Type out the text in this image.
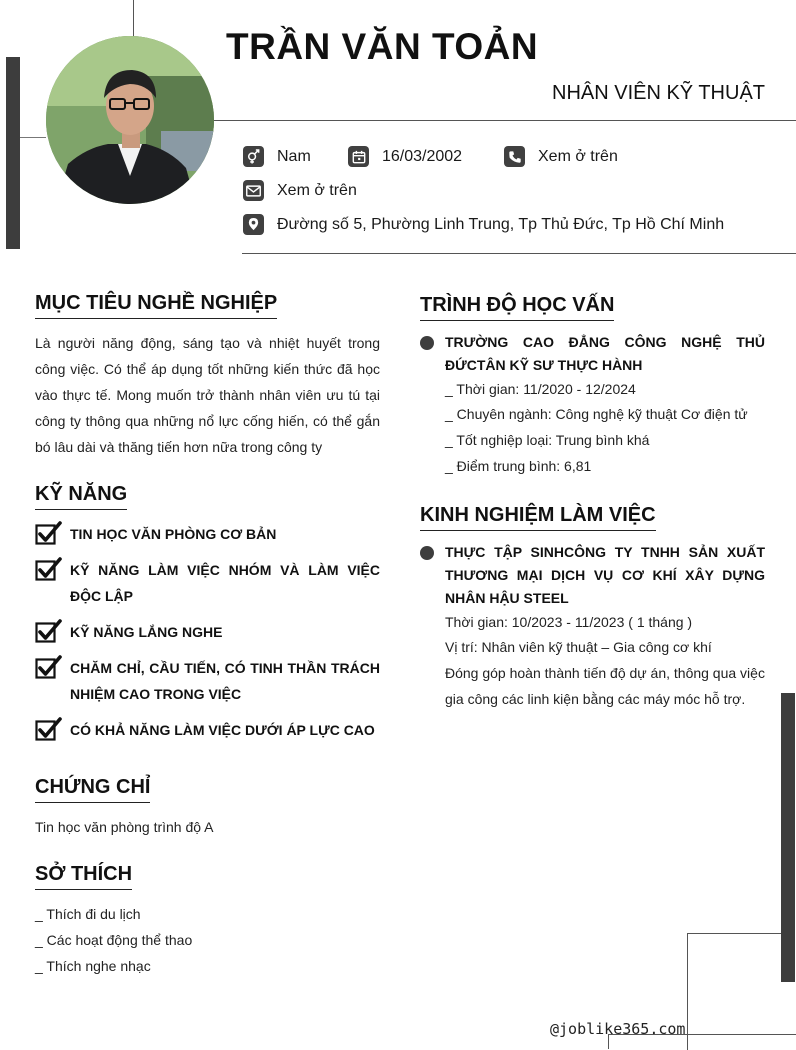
TRẦN VĂN TOẢN
NHÂN VIÊN KỸ THUẬT
Nam	16/03/2002	Xem ở trên
Xem ở trên
Đường số 5, Phường Linh Trung, Tp Thủ Đức, Tp Hồ Chí Minh
MỤC TIÊU NGHỀ NGHIỆP
Là người năng động, sáng tạo và nhiệt huyết trong công việc. Có thể áp dụng tốt những kiến thức đã học vào thực tế. Mong muốn trở thành nhân viên ưu tú tại công ty thông qua những nổ lực cống hiến, có thể gắn bó lâu dài và thăng tiến hơn nữa trong công ty
KỸ NĂNG
TIN HỌC VĂN PHÒNG CƠ BẢN
KỸ NĂNG LÀM VIỆC NHÓM VÀ LÀM VIỆC ĐỘC LẬP
KỸ NĂNG LẮNG NGHE
CHĂM CHỈ, CẦU TIẾN, CÓ TINH THẦN TRÁCH NHIỆM CAO TRONG VIỆC
CÓ KHẢ NĂNG LÀM VIỆC DƯỚI ÁP LỰC CAO
CHỨNG CHỈ
Tin học văn phòng trình độ A
SỞ THÍCH
_ Thích đi du lịch
_ Các hoạt động thể thao
_ Thích nghe nhạc
TRÌNH ĐỘ HỌC VẤN
TRƯỜNG CAO ĐẲNG CÔNG NGHỆ THỦ ĐỨCTÂN KỸ SƯ THỰC HÀNH
_ Thời gian: 11/2020 - 12/2024
_ Chuyên ngành: Công nghệ kỹ thuật Cơ điện tử
_ Tốt nghiệp loại: Trung bình khá
_ Điểm trung bình: 6,81
KINH NGHIỆM LÀM VIỆC
THỰC TẬP SINHCÔNG TY TNHH SẢN XUẤT THƯƠNG MẠI DỊCH VỤ CƠ KHÍ XÂY DỰNG NHÂN HẬU STEEL
Thời gian: 10/2023 - 11/2023 ( 1 tháng )
Vị trí: Nhân viên kỹ thuật – Gia công cơ khí
Đóng góp hoàn thành tiến độ dự án, thông qua việc gia công các linh kiện bằng các máy móc hỗ trợ.
@joblike365.com
